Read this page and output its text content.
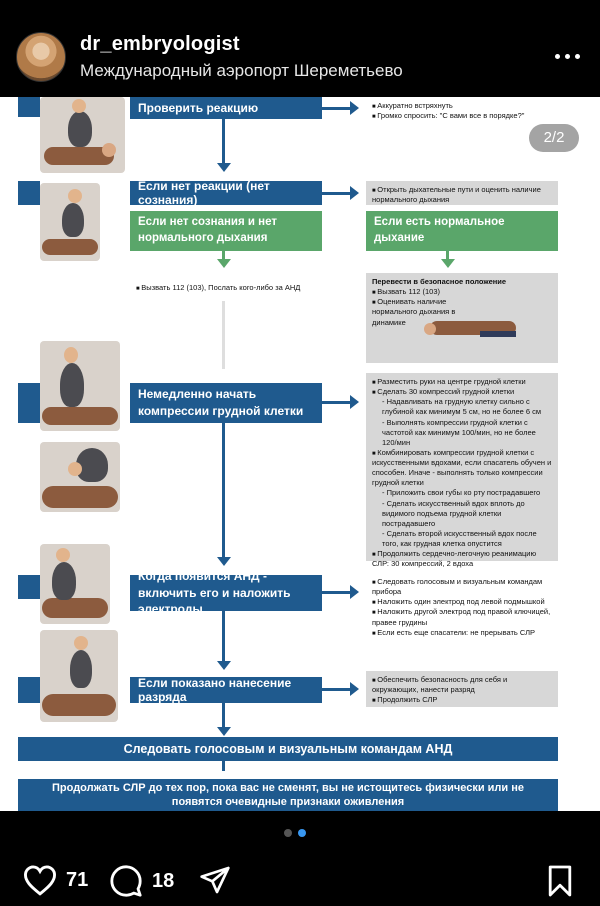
dr_embryologist
Международный аэропорт Шереметьево
Проверить реакцию
■	Аккуратно встряхнуть
■ Громко спросить: "С вами все в порядке?"
Если нет реакции (нет сознания)
■ Открыть дыхательные пути и оценить наличие нормального дыхания
Если нет сознания и нет нормального дыхания
Если есть нормальное дыхание
■ Вызвать 112 (103), Послать кого-либо за АНД
Перевести в безопасное положение
■ Вызвать 112 (103)
■ Оценивать наличие нормального дыхания в динамике
Немедленно начать компрессии грудной клетки
■ Разместить руки на центре грудной клетки
■ Сделать 30 компрессий грудной клетки
- Надавливать на грудную клетку сильно с глубиной как минимум 5 см, но не более 6 см
- Выполнять компрессии грудной клетки с частотой как минимум 100/мин, но не более 120/мин
■ Комбинировать компрессии грудной клетки с искусственными вдохами, если спасатель обучен и способен. Иначе - выполнять только компрессии грудной клетки
- Приложить свои губы ко рту пострадавшего
- Сделать искусственный вдох вплоть до видимого подъема грудной клетки пострадавшего
- Сделать второй искусственный вдох после того, как грудная клетка опустится
■ Продолжить сердечно-легочную реанимацию СЛР: 30 компрессий, 2 вдоха
Когда появится АНД - включить его и наложить электроды
■ Следовать голосовым и визуальным командам прибора
■ Наложить один электрод под левой подмышкой
■ Наложить другой электрод под правой ключицей, правее грудины
■ Если есть еще спасатели: не прерывать СЛР
Если показано нанесение разряда
■ Обеспечить безопасность для себя и окружающих, нанести разряд
■ Продолжить СЛР
Следовать голосовым и визуальным командам АНД
Продолжать СЛР до тех пор, пока вас не сменят, вы не истощитесь физически или не появятся очевидные признаки оживления
2/2
71	18
